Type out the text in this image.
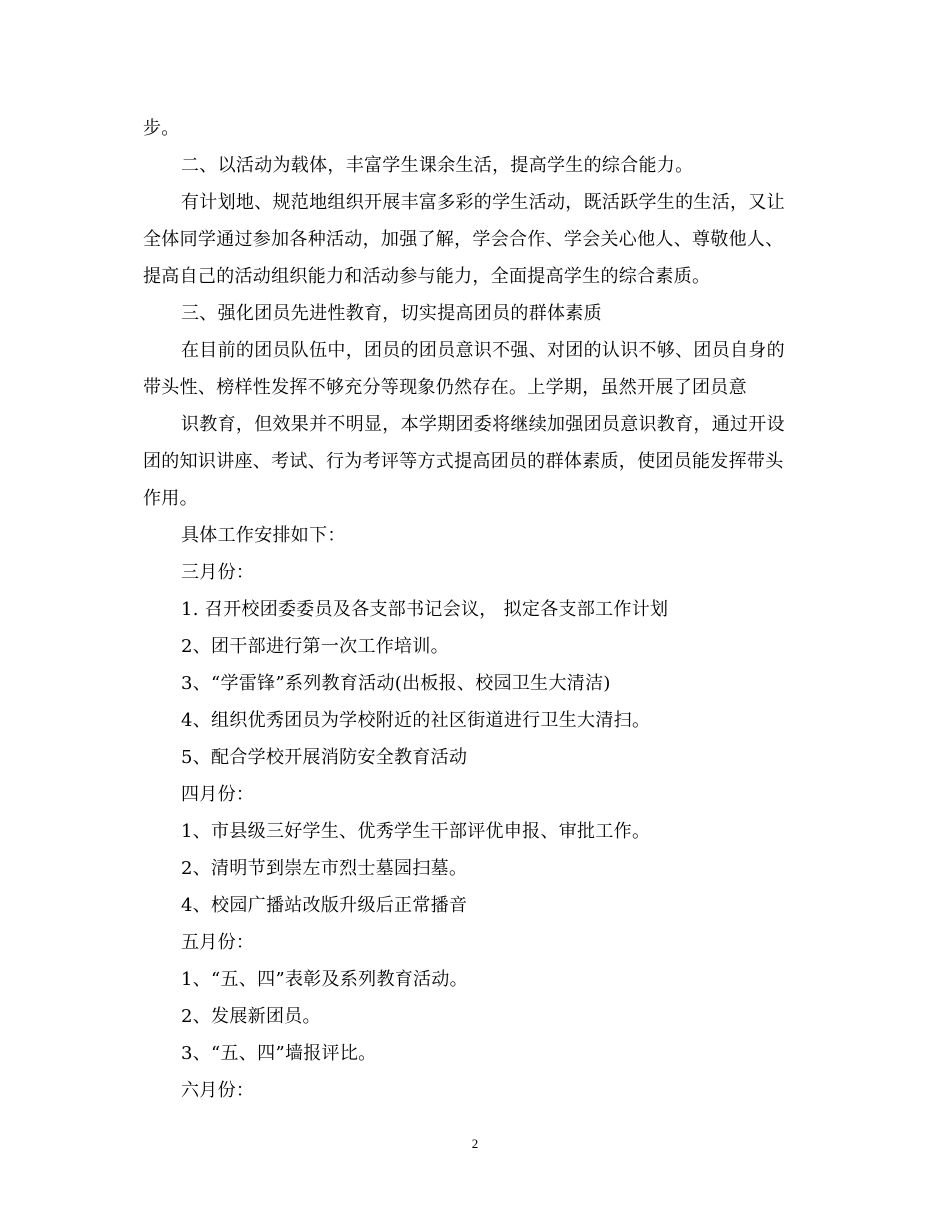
步。
二、以活动为载体，丰富学生课余生活，提高学生的综合能力。
有计划地、规范地组织开展丰富多彩的学生活动，既活跃学生的生活，又让
全体同学通过参加各种活动，加强了解，学会合作、学会关心他人、尊敬他人、
提高自己的活动组织能力和活动参与能力，全面提高学生的综合素质。
三、强化团员先进性教育，切实提高团员的群体素质
在目前的团员队伍中，团员的团员意识不强、对团的认识不够、团员自身的
带头性、榜样性发挥不够充分等现象仍然存在。上学期，虽然开展了团员意
识教育，但效果并不明显，本学期团委将继续加强团员意识教育，通过开设
团的知识讲座、考试、行为考评等方式提高团员的群体素质，使团员能发挥带头
作用。
具体工作安排如下：
三月份：
1. 召开校团委委员及各支部书记会议， 拟定各支部工作计划
2、团干部进行第一次工作培训。
3、“学雷锋”系列教育活动(出板报、校园卫生大清洁)
4、组织优秀团员为学校附近的社区街道进行卫生大清扫。
5、配合学校开展消防安全教育活动
四月份：
1、市县级三好学生、优秀学生干部评优申报、审批工作。
2、清明节到崇左市烈士墓园扫墓。
4、校园广播站改版升级后正常播音
五月份：
1、“五、四”表彰及系列教育活动。
2、发展新团员。
3、“五、四”墙报评比。
六月份：
2
